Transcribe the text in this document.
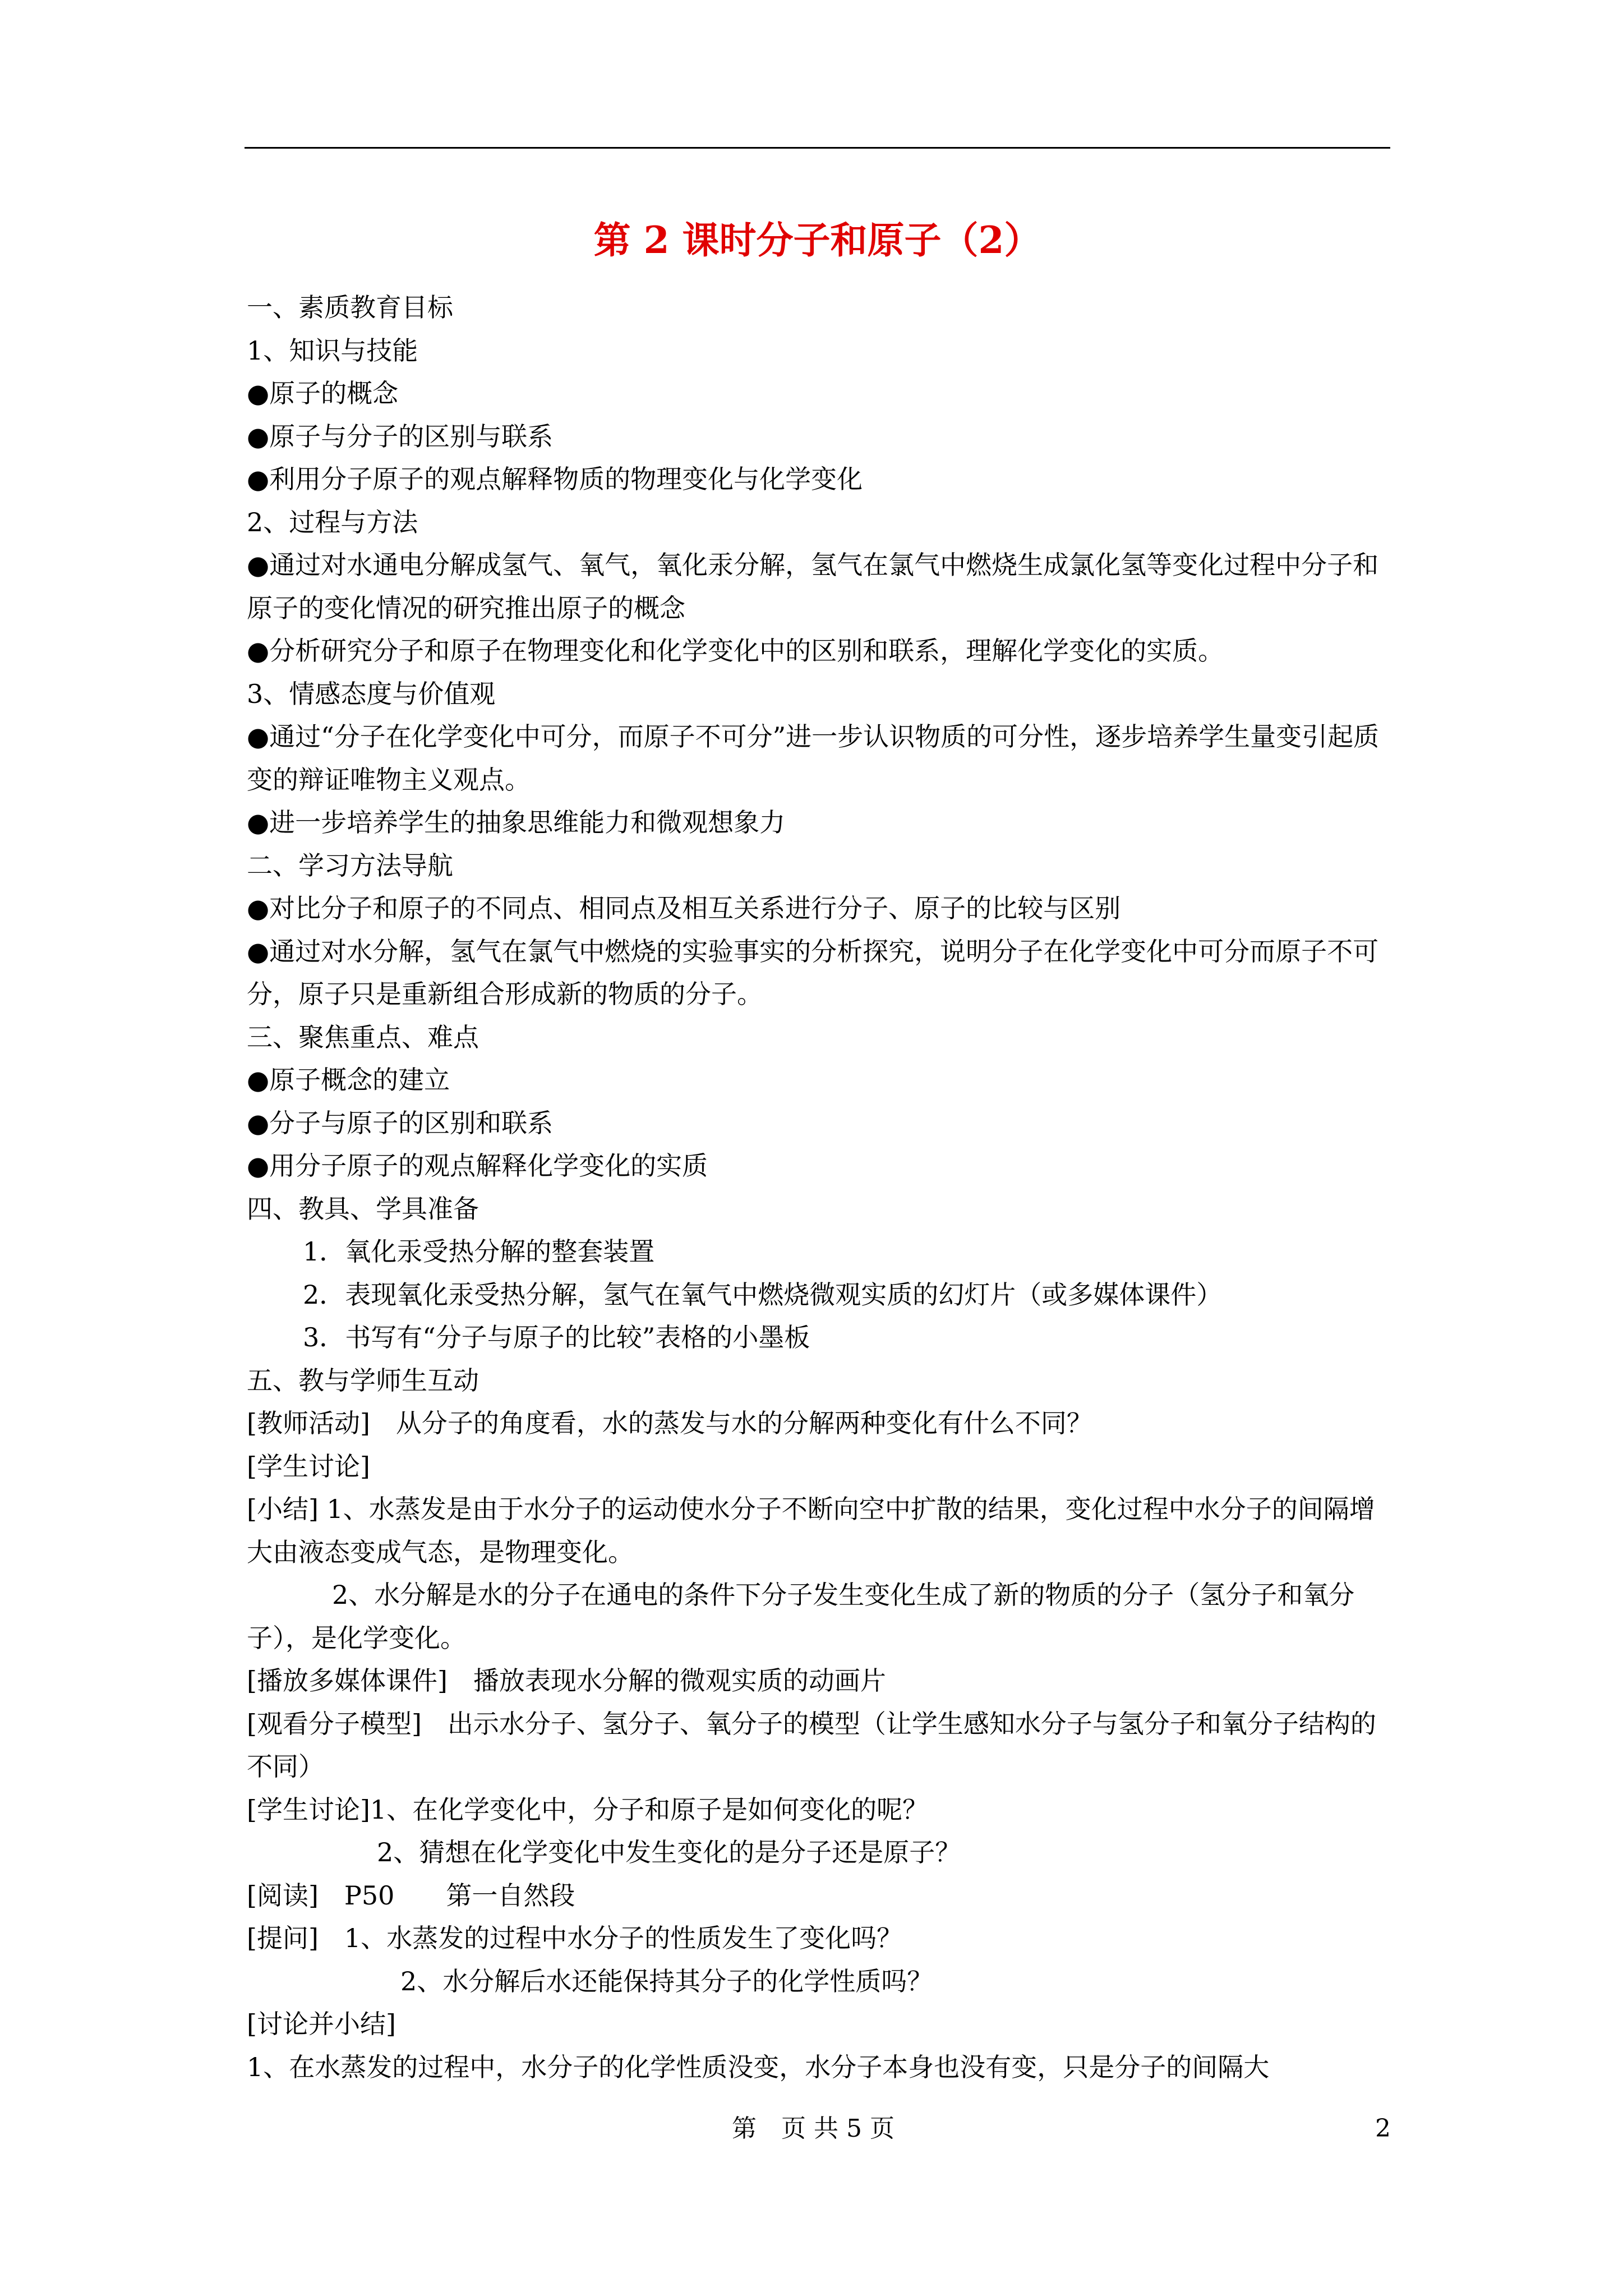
第 2 课时分子和原子（2）

一、素质教育目标

1、知识与技能

●原子的概念

●原子与分子的区别与联系

●利用分子原子的观点解释物质的物理变化与化学变化

2、过程与方法

●通过对水通电分解成氢气、氧气，氧化汞分解，氢气在氯气中燃烧生成氯化氢等变化过程中分子和原子的变化情况的研究推出原子的概念

●分析研究分子和原子在物理变化和化学变化中的区别和联系，理解化学变化的实质。

3、情感态度与价值观

●通过“分子在化学变化中可分，而原子不可分”进一步认识物质的可分性，逐步培养学生量变引起质变的辩证唯物主义观点。

●进一步培养学生的抽象思维能力和微观想象力

二、学习方法导航

●对比分子和原子的不同点、相同点及相互关系进行分子、原子的比较与区别

●通过对水分解，氢气在氯气中燃烧的实验事实的分析探究，说明分子在化学变化中可分而原子不可分，原子只是重新组合形成新的物质的分子。

三、聚焦重点、难点

●原子概念的建立

●分子与原子的区别和联系

●用分子原子的观点解释化学变化的实质

四、教具、学具准备

1．氧化汞受热分解的整套装置

2．表现氧化汞受热分解，氢气在氧气中燃烧微观实质的幻灯片（或多媒体课件）

3．书写有“分子与原子的比较”表格的小墨板

五、教与学师生互动

[教师活动]　从分子的角度看，水的蒸发与水的分解两种变化有什么不同？

[学生讨论]

[小结] 1、水蒸发是由于水分子的运动使水分子不断向空中扩散的结果，变化过程中水分子的间隔增大由液态变成气态，是物理变化。

2、水分解是水的分子在通电的条件下分子发生变化生成了新的物质的分子（氢分子和氧分子），是化学变化。

[播放多媒体课件]　播放表现水分解的微观实质的动画片

[观看分子模型]　出示水分子、氢分子、氧分子的模型（让学生感知水分子与氢分子和氧分子结构的不同）

[学生讨论]1、在化学变化中，分子和原子是如何变化的呢？

2、猜想在化学变化中发生变化的是分子还是原子？

[阅读]　P50　　第一自然段

[提问]　1、水蒸发的过程中水分子的性质发生了变化吗？

2、水分解后水还能保持其分子的化学性质吗？

[讨论并小结]

1、在水蒸发的过程中，水分子的化学性质没变，水分子本身也没有变，只是分子的间隔大

第　页 共 5 页	2
